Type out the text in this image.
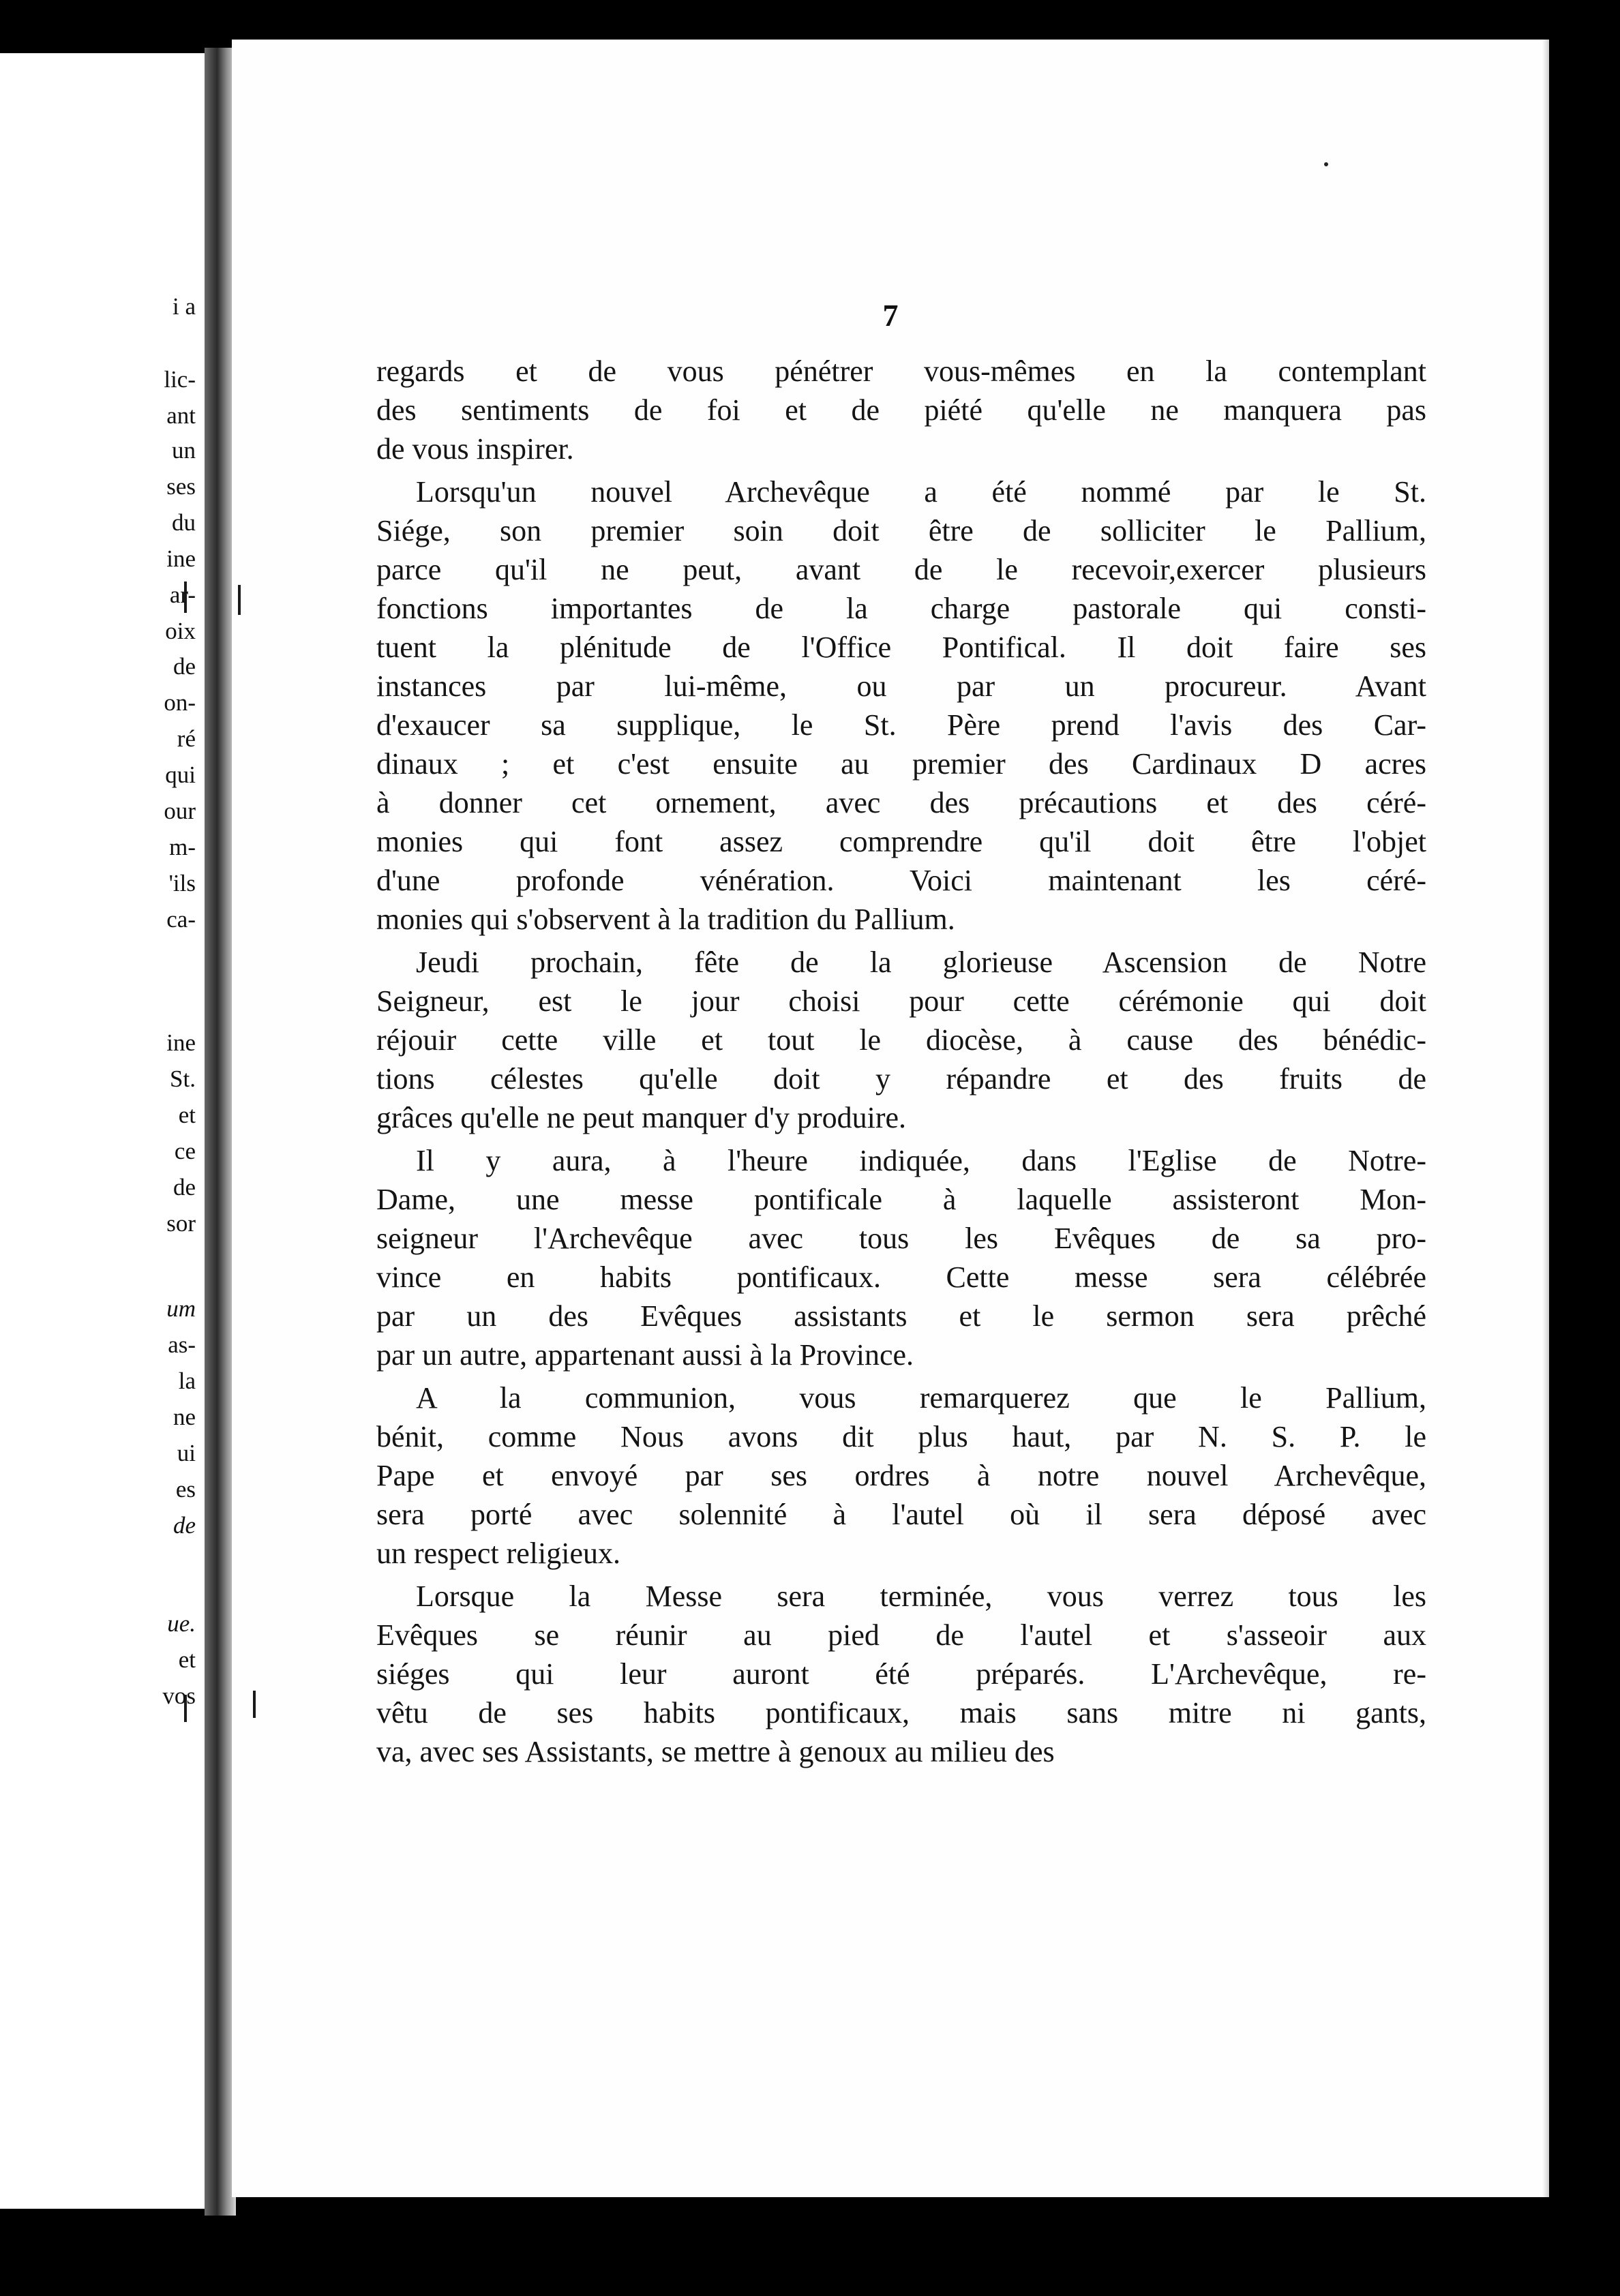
i a
lic-
ant
un
ses
du
ine
ar-
oix
de
on-
ré
qui
our
m-
'ils
ca-
ine
St.
et
ce
de
sor
um
as-
la
ne
ui
es
de
ue.
et
vos
7
regards et de vous pénétrer vous-mêmes en la contemplant
des sentiments de foi et de piété qu'elle ne manquera pas
de vous inspirer.
Lorsqu'un nouvel Archevêque a été nommé par le St.
Siége, son premier soin doit être de solliciter le Pallium,
parce qu'il ne peut, avant de le recevoir,exercer plusieurs
fonctions importantes de la charge pastorale qui consti-
tuent la plénitude de l'Office Pontifical. Il doit faire ses
instances par lui-même, ou par un procureur. Avant
d'exaucer sa supplique, le St. Père prend l'avis des Car-
dinaux ; et c'est ensuite au premier des Cardinaux D acres
à donner cet ornement, avec des précautions et des céré-
monies qui font assez comprendre qu'il doit être l'objet
d'une profonde vénération. Voici maintenant les céré-
monies qui s'observent à la tradition du Pallium.
Jeudi prochain, fête de la glorieuse Ascension de Notre
Seigneur, est le jour choisi pour cette cérémonie qui doit
réjouir cette ville et tout le diocèse, à cause des bénédic-
tions célestes qu'elle doit y répandre et des fruits de
grâces qu'elle ne peut manquer d'y produire.
Il y aura, à l'heure indiquée, dans l'Eglise de Notre-
Dame, une messe pontificale à laquelle assisteront Mon-
seigneur l'Archevêque avec tous les Evêques de sa pro-
vince en habits pontificaux. Cette messe sera célébrée
par un des Evêques assistants et le sermon sera prêché
par un autre, appartenant aussi à la Province.
A la communion, vous remarquerez que le Pallium,
bénit, comme Nous avons dit plus haut, par N. S. P. le
Pape et envoyé par ses ordres à notre nouvel Archevêque,
sera porté avec solennité à l'autel où il sera déposé avec
un respect religieux.
Lorsque la Messe sera terminée, vous verrez tous les
Evêques se réunir au pied de l'autel et s'asseoir aux
siéges qui leur auront été préparés. L'Archevêque, re-
vêtu de ses habits pontificaux, mais sans mitre ni gants,
va, avec ses Assistants, se mettre à genoux au milieu des
